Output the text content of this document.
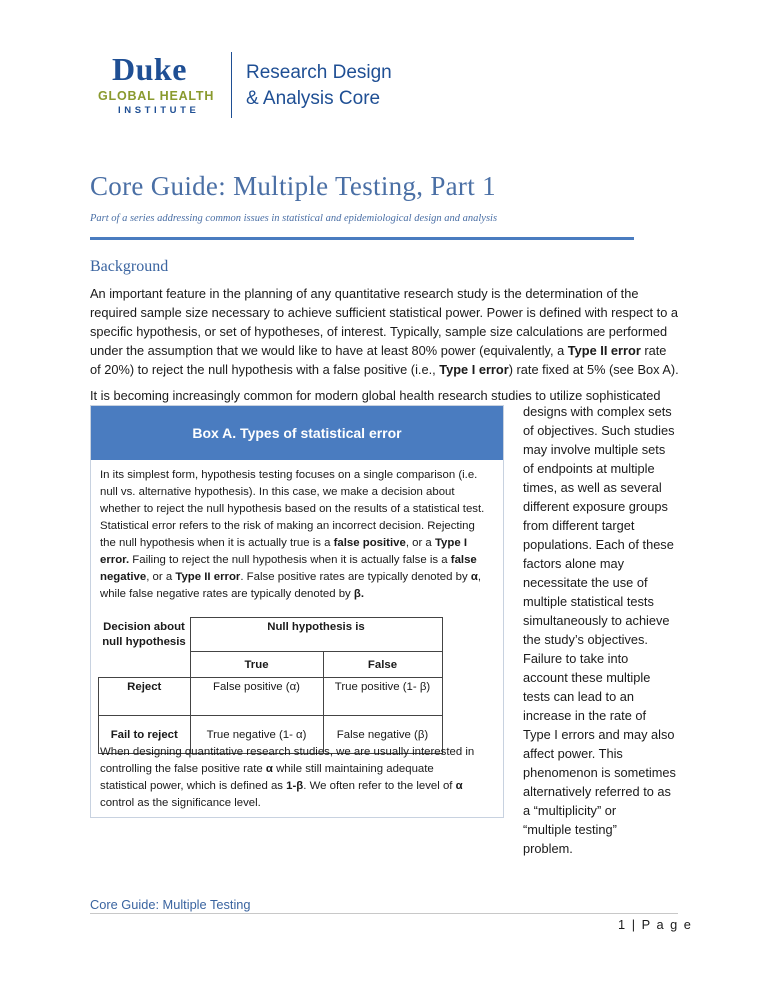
Duke
GLOBAL HEALTH
INSTITUTE
Research Design
& Analysis Core
Core Guide: Multiple Testing, Part 1
Part of a series addressing common issues in statistical and epidemiological design and analysis
Background
An important feature in the planning of any quantitative research study is the determination of the
required sample size necessary to achieve sufficient statistical power. Power is defined with respect to a
specific hypothesis, or set of hypotheses, of interest. Typically, sample size calculations are performed
under the assumption that we would like to have at least 80% power (equivalently, a Type II error rate
of 20%) to reject the null hypothesis with a false positive (i.e., Type I error) rate fixed at 5% (see Box A).
It is becoming increasingly common for modern global health research studies to utilize sophisticated
designs with complex sets
of objectives. Such studies
may involve multiple sets
of endpoints at multiple
times, as well as several
different exposure groups
from different target
populations. Each of these
factors alone may
necessitate the use of
multiple statistical tests
simultaneously to achieve
the study’s objectives.
Failure to take into
account these multiple
tests can lead to an
increase in the rate of
Type I errors and may also
affect power. This
phenomenon is sometimes
alternatively referred to as
a “multiplicity” or
“multiple testing”
problem.
Box A. Types of statistical error
In its simplest form, hypothesis testing focuses on a single comparison (i.e.
null vs. alternative hypothesis). In this case, we make a decision about
whether to reject the null hypothesis based on the results of a statistical test.
Statistical error refers to the risk of making an incorrect decision. Rejecting
the null hypothesis when it is actually true is a false positive, or a Type I
error. Failing to reject the null hypothesis when it is actually false is a false
negative, or a Type II error. False positive rates are typically denoted by α,
while false negative rates are typically denoted by β.
Decision about null hypothesis	Null hypothesis is	
	True	False
Reject	False positive (α)	True positive (1- β)
Fail to reject	True negative (1- α)	False negative (β)
When designing quantitative research studies, we are usually interested in
controlling the false positive rate α while still maintaining adequate
statistical power, which is defined as 1-β. We often refer to the level of α
control as the significance level.
Core Guide: Multiple Testing
1 | P a g e
